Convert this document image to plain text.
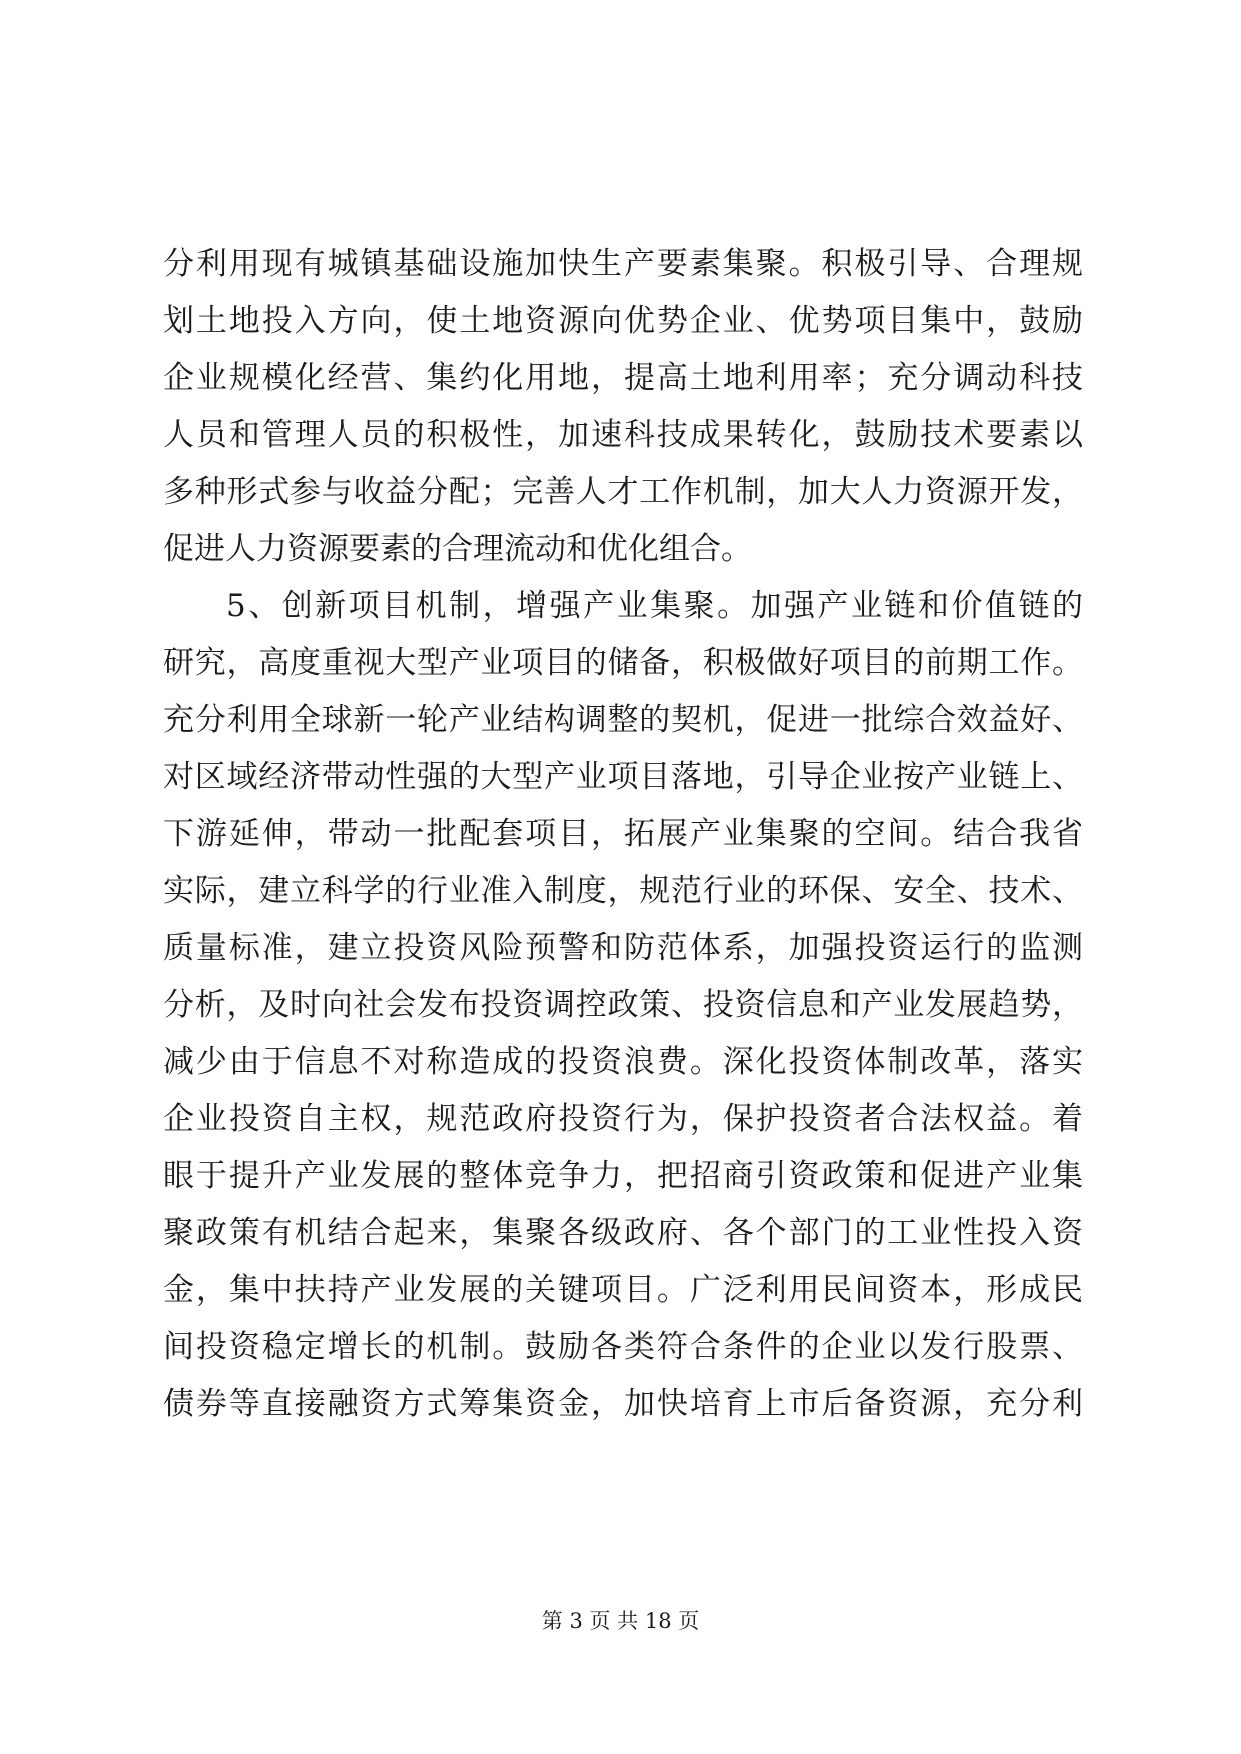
分利用现有城镇基础设施加快生产要素集聚。积极引导、合理规
划土地投入方向，使土地资源向优势企业、优势项目集中，鼓励
企业规模化经营、集约化用地，提高土地利用率；充分调动科技
人员和管理人员的积极性，加速科技成果转化，鼓励技术要素以
多种形式参与收益分配；完善人才工作机制，加大人力资源开发，
促进人力资源要素的合理流动和优化组合。
5、创新项目机制，增强产业集聚。加强产业链和价值链的
研究，高度重视大型产业项目的储备，积极做好项目的前期工作。
充分利用全球新一轮产业结构调整的契机，促进一批综合效益好、
对区域经济带动性强的大型产业项目落地，引导企业按产业链上、
下游延伸，带动一批配套项目，拓展产业集聚的空间。结合我省
实际，建立科学的行业准入制度，规范行业的环保、安全、技术、
质量标准，建立投资风险预警和防范体系，加强投资运行的监测
分析，及时向社会发布投资调控政策、投资信息和产业发展趋势，
减少由于信息不对称造成的投资浪费。深化投资体制改革，落实
企业投资自主权，规范政府投资行为，保护投资者合法权益。着
眼于提升产业发展的整体竞争力，把招商引资政策和促进产业集
聚政策有机结合起来，集聚各级政府、各个部门的工业性投入资
金，集中扶持产业发展的关键项目。广泛利用民间资本，形成民
间投资稳定增长的机制。鼓励各类符合条件的企业以发行股票、
债券等直接融资方式筹集资金，加快培育上市后备资源，充分利
第 3 页 共 18 页
